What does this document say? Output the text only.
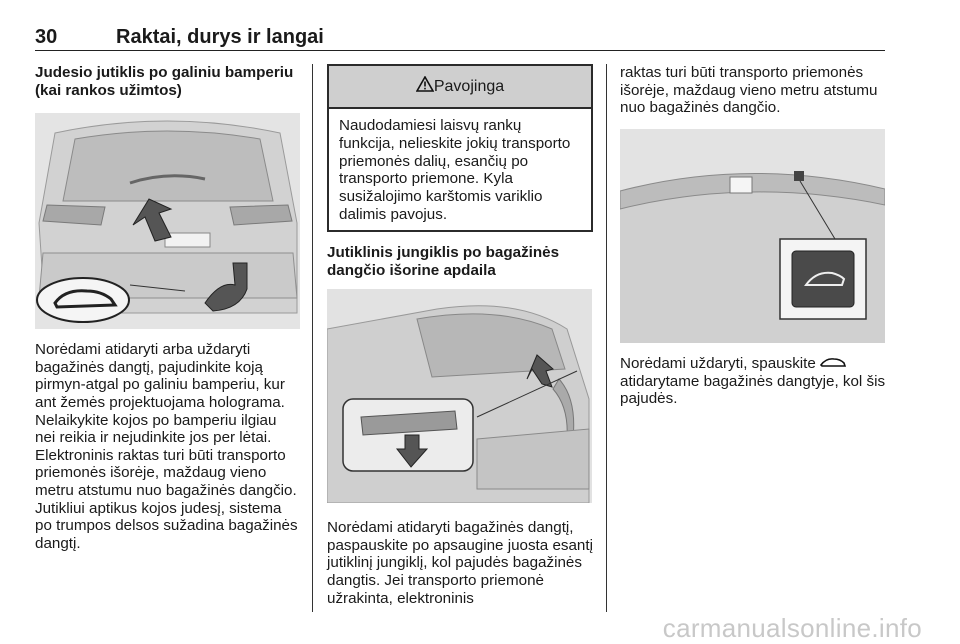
30	Raktai, durys ir langai

Judesio jutiklis po galiniu bamperiu (kai rankos užimtos)

Norėdami atidaryti arba uždaryti bagažinės dangtį, pajudinkite koją pirmyn-atgal po galiniu bamperiu, kur ant žemės projektuojama holograma. Nelaikykite kojos po bamperiu ilgiau nei reikia ir nejudinkite jos per lėtai. Elektroninis raktas turi būti transporto priemonės išorėje, maždaug vieno metru atstumu nuo bagažinės dangčio. Jutikliui aptikus kojos judesį, sistema po trumpos delsos sužadina bagažinės dangtį.

Pavojinga
Naudodamiesi laisvų rankų funkcija, nelieskite jokių transporto priemonės dalių, esančių po transporto priemone. Kyla susižalojimo karštomis variklio dalimis pavojus.

Jutiklinis jungiklis po bagažinės dangčio išorine apdaila

Norėdami atidaryti bagažinės dangtį, paspauskite po apsaugine juosta esantį jutiklinį jungiklį, kol pajudės bagažinės dangtis. Jei transporto priemonė užrakinta, elektroninis

raktas turi būti transporto priemonės išorėje, maždaug vieno metru atstumu nuo bagažinės dangčio.

Norėdami uždaryti, spauskite  atidarytame bagažinės dangtyje, kol šis pajudės.

carmanualsonline.info
